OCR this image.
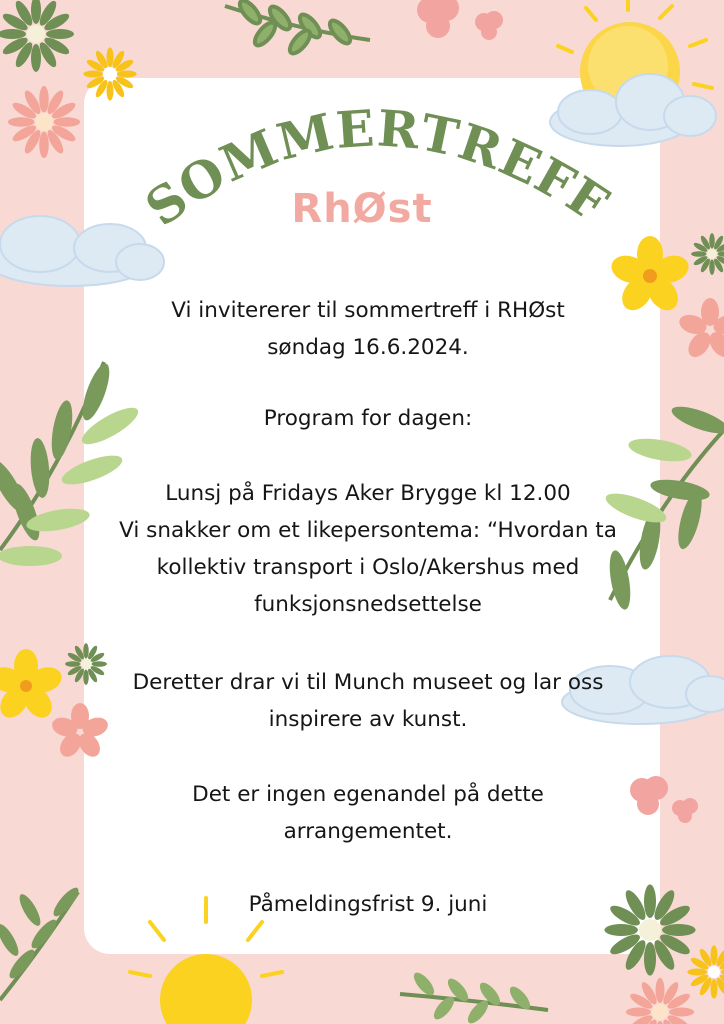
SOMMERTREFF
RhØst
Vi invitererer til sommertreff i RHØst
søndag 16.6.2024.
Program for dagen:
Lunsj på Fridays Aker Brygge kl 12.00
Vi snakker om et likepersontema: “Hvordan ta
kollektiv transport i Oslo/Akershus med
funksjonsnedsettelse
Deretter drar vi til Munch museet og lar oss
inspirere av kunst.
Det er ingen egenandel på dette
arrangementet.
Påmeldingsfrist 9. juni
